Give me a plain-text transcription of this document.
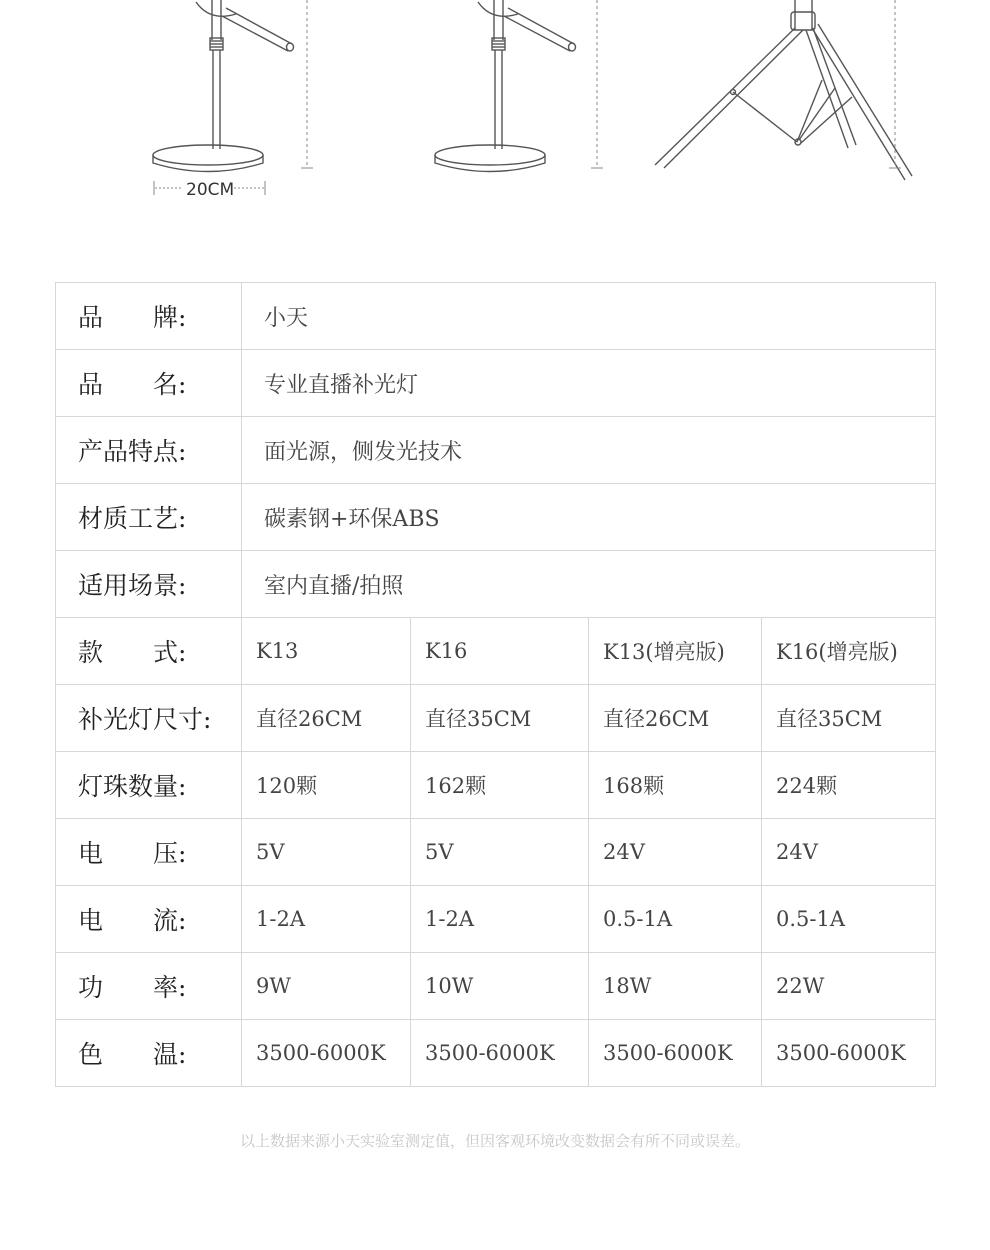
20CM
品　　牌:	小天			
品　　名:	专业直播补光灯			
产品特点:	面光源，侧发光技术			
材质工艺:	碳素钢+环保ABS			
适用场景:	室内直播/拍照			
款　　式:	K13	K16	K13(增亮版)	K16(增亮版)
补光灯尺寸:	直径26CM	直径35CM	直径26CM	直径35CM
灯珠数量:	120颗	162颗	168颗	224颗
电　　压:	5V	5V	24V	24V
电　　流:	1-2A	1-2A	0.5-1A	0.5-1A
功　　率:	9W	10W	18W	22W
色　　温:	3500-6000K	3500-6000K	3500-6000K	3500-6000K
以上数据来源小天实验室测定值，但因客观环境改变数据会有所不同或误差。
